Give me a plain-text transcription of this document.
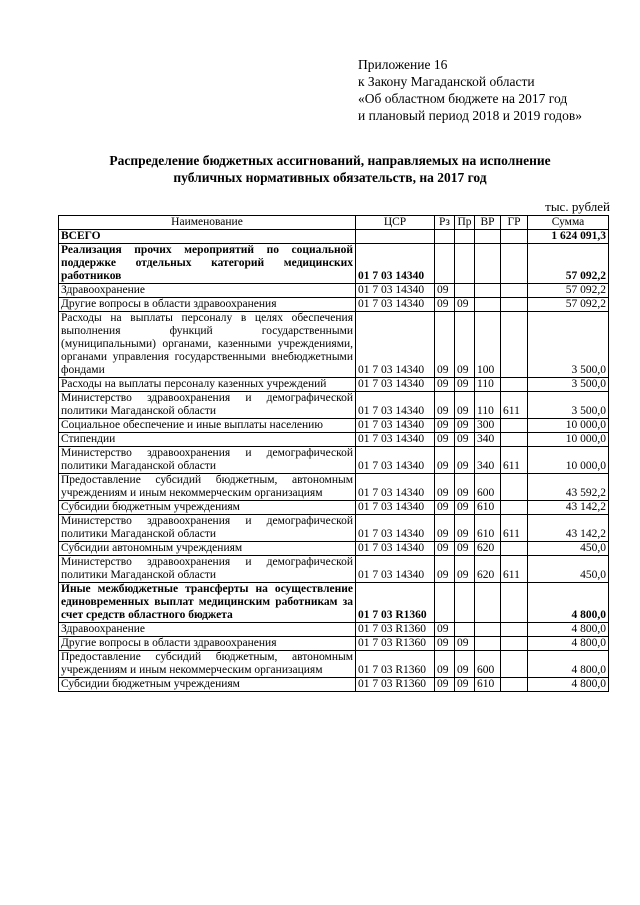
Приложение 16
к Закону Магаданской области
«Об областном бюджете на 2017 год
и плановый период 2018 и 2019 годов»
Распределение бюджетных ассигнований, направляемых на исполнение
публичных нормативных обязательств, на 2017 год
тыс. рублей
Наименование	ЦСР	Рз	Пр	ВР	ГР	Сумма
ВСЕГО						1 624 091,3
Реализация прочих мероприятий по социальной поддержке отдельных категорий медицинских работников	01 7 03 14340					57 092,2
Здравоохранение	01 7 03 14340	09				57 092,2
Другие вопросы в области здравоохранения	01 7 03 14340	09	09			57 092,2
Расходы на выплаты персоналу в целях обеспечения выполнения функций государственными (муниципальными) органами, казенными учреждениями, органами управления государственными внебюджетными фондами	01 7 03 14340	09	09	100		3 500,0
Расходы на выплаты персоналу казенных учреждений	01 7 03 14340	09	09	110		3 500,0
Министерство здравоохранения и демографической политики Магаданской области	01 7 03 14340	09	09	110	611	3 500,0
Социальное обеспечение и иные выплаты населению	01 7 03 14340	09	09	300		10 000,0
Стипендии	01 7 03 14340	09	09	340		10 000,0
Министерство здравоохранения и демографической политики Магаданской области	01 7 03 14340	09	09	340	611	10 000,0
Предоставление субсидий бюджетным, автономным учреждениям и иным некоммерческим организациям	01 7 03 14340	09	09	600		43 592,2
Субсидии бюджетным учреждениям	01 7 03 14340	09	09	610		43 142,2
Министерство здравоохранения и демографической политики Магаданской области	01 7 03 14340	09	09	610	611	43 142,2
Субсидии автономным учреждениям	01 7 03 14340	09	09	620		450,0
Министерство здравоохранения и демографической политики Магаданской области	01 7 03 14340	09	09	620	611	450,0
Иные межбюджетные трансферты на осуществление единовременных выплат медицинским работникам за счет средств областного бюджета	01 7 03 R1360					4 800,0
Здравоохранение	01 7 03 R1360	09				4 800,0
Другие вопросы в области здравоохранения	01 7 03 R1360	09	09			4 800,0
Предоставление субсидий бюджетным, автономным учреждениям и иным некоммерческим организациям	01 7 03 R1360	09	09	600		4 800,0
Субсидии бюджетным учреждениям	01 7 03 R1360	09	09	610		4 800,0
